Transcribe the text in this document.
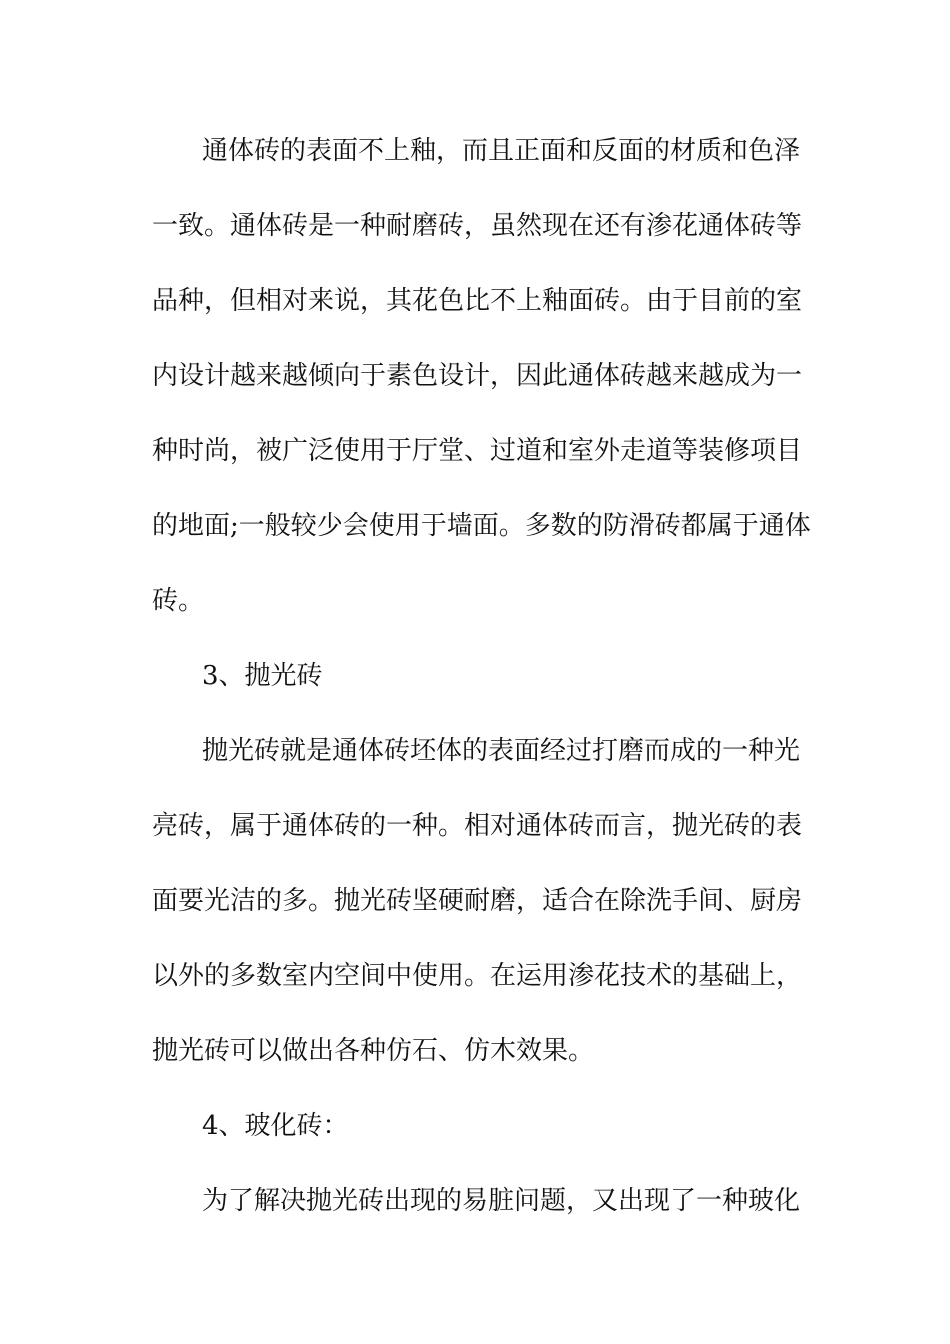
通体砖的表面不上釉，而且正面和反面的材质和色泽
一致。通体砖是一种耐磨砖，虽然现在还有渗花通体砖等
品种，但相对来说，其花色比不上釉面砖。由于目前的室
内设计越来越倾向于素色设计，因此通体砖越来越成为一
种时尚，被广泛使用于厅堂、过道和室外走道等装修项目
的地面;一般较少会使用于墙面。多数的防滑砖都属于通体
砖。
3、抛光砖
抛光砖就是通体砖坯体的表面经过打磨而成的一种光
亮砖，属于通体砖的一种。相对通体砖而言，抛光砖的表
面要光洁的多。抛光砖坚硬耐磨，适合在除洗手间、厨房
以外的多数室内空间中使用。在运用渗花技术的基础上，
抛光砖可以做出各种仿石、仿木效果。
4、玻化砖：
为了解决抛光砖出现的易脏问题，又出现了一种玻化
